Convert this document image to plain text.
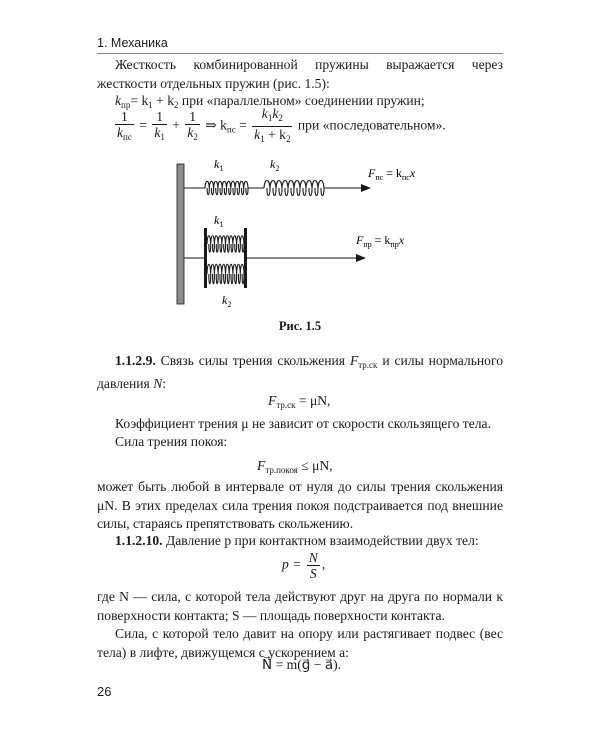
1. Механика
Жесткость комбинированной пружины выражается через жесткости отдельных пружин (рис. 1.5):
$k_{пр}= k_1 + k_2$ при «параллельном» соединении пружин;
$\frac{1}{k_{пс}} = \frac{1}{k_1} + \frac{1}{k_2}$ ⇒ $k_{пс} = \frac{k_1k_2}{k_1 + k_2}$ при «последовательном».
$k_1$	$k_2$	$F_{пс} = k_{пс}x$
$k_1$
$F_{пр} = k_{пр}x$
$k_2$
Рис. 1.5
1.1.2.9. Связь силы трения скольжения $F_{тр.ск}$ и силы нормального давления N:
$F_{тр.ск} = \mu N$,
Коэффициент трения μ не зависит от скорости скользящего тела.
Сила трения покоя:
$F_{тр.покоя} \le \mu N$,
может быть любой в интервале от нуля до силы трения скольжения μN. В этих пределах сила трения покоя подстраивается под внешние силы, стараясь препятствовать скольжению.
1.1.2.10. Давление p при контактном взаимодействии двух тел:
$p = \frac{N}{S}$ ,
где N — сила, с которой тела действуют друг на друга по нормали к поверхности контакта; S — площадь поверхности контакта.
Сила, с которой тело давит на опору или растягивает подвес (вес тела) в лифте, движущемся с ускорением a:
N⃗ = m(g⃗ − a⃗).
26
